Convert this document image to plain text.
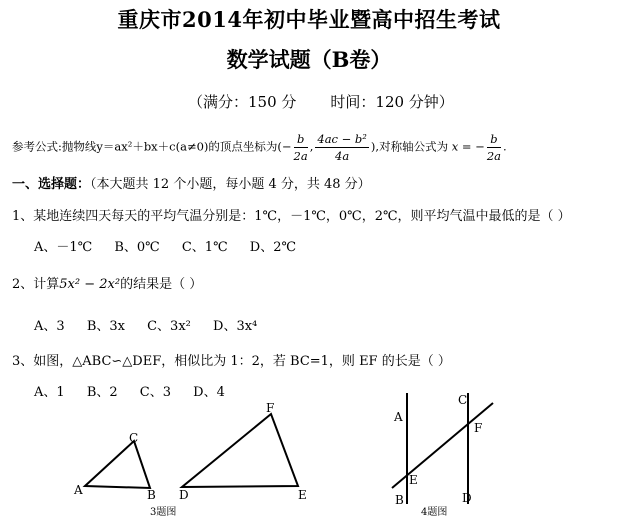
重庆市2014年初中毕业暨高中招生考试
数学试题（B卷）
（满分：150 分 时间：120 分钟）
参考公式:抛物线y＝ax²＋bx＋c(a≠0)的顶点坐标为(− $\frac{b}{2a}$ , $\frac{\text{4ac − b²}}{4a}$ ),对称轴公式为 x = − $\frac{b}{2a}$ .
一、选择题：（本大题共 12 个小题，每小题 4 分，共 48 分）
1、某地连续四天每天的平均气温分别是：1℃，－1℃，0℃，2℃，则平均气温中最低的是（ ）
A、－1℃ B、0℃ C、1℃ D、2℃
2、计算5x² − 2x²的结果是（ ）
A、3 B、3x C、3x² D、3x⁴
3、如图，△ABC∽△DEF，相似比为 1：2，若 BC=1，则 EF 的长是（ ）
A、1 B、2 C、3 D、4
A	B
C
D	E
F
3题图
A
B
C
D
E
F
4题图
